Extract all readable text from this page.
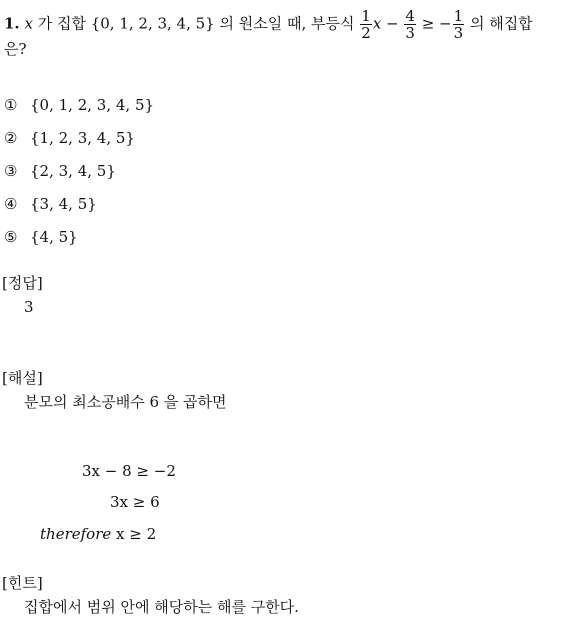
1. x 가 집합 {0, 1, 2, 3, 4, 5} 의 원소일 때, 부등식 $\frac{1}{2}$ $x - \frac{4}{3}$ ≥ − $\frac{1}{3}$ 의 해집합
은?
① {0, 1, 2, 3, 4, 5}
② {1, 2, 3, 4, 5}
③ {2, 3, 4, 5}
④ {3, 4, 5}
⑤ {4, 5}
[정답]
3
[해설]
분모의 최소공배수 6 을 곱하면
3x − 8 ≥ −2
3x ≥ 6
therefore x ≥ 2
[힌트]
집합에서 범위 안에 해당하는 해를 구한다.
